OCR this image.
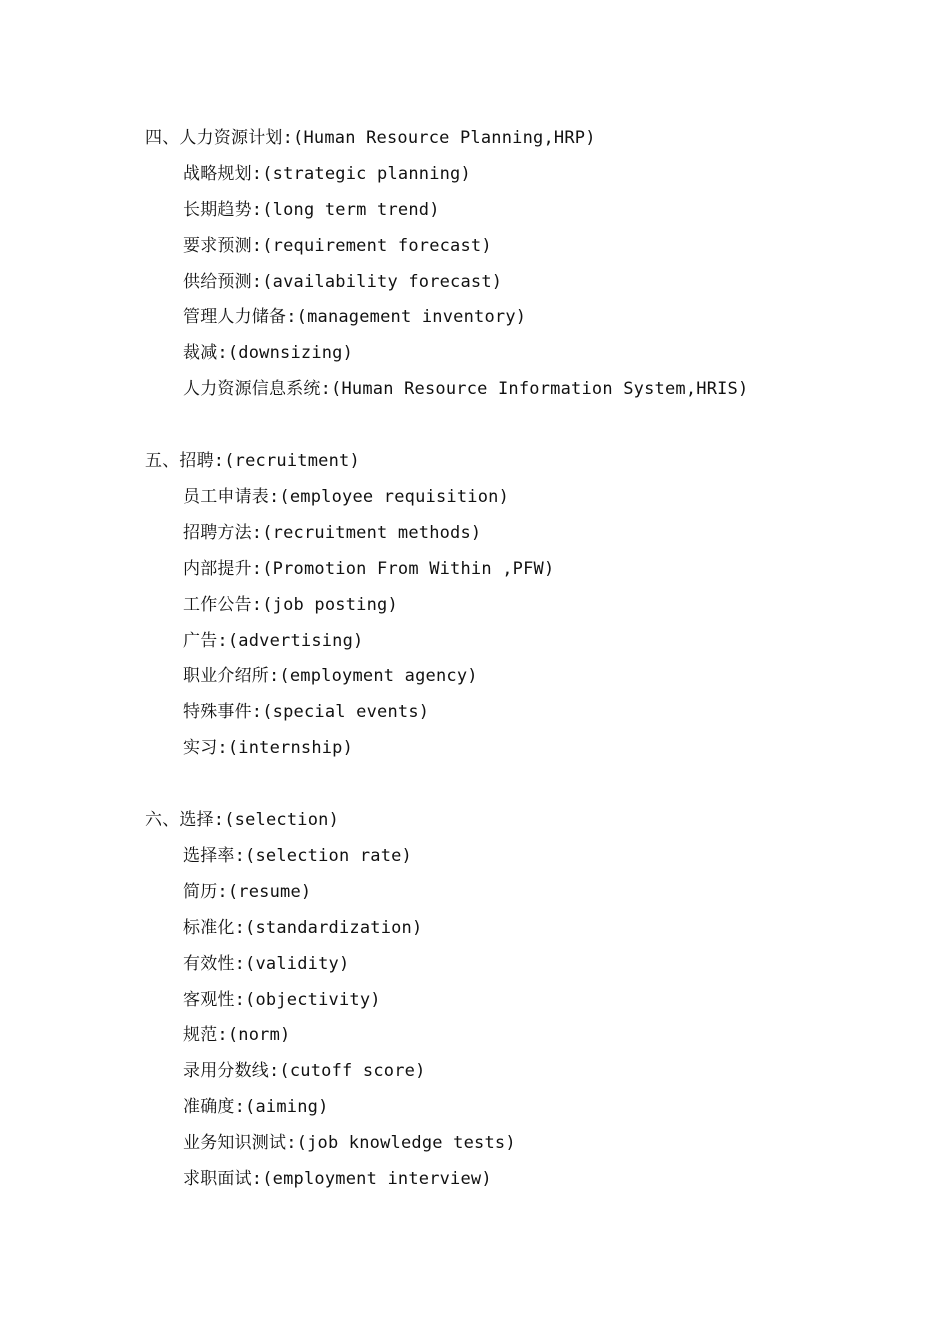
四、人力资源计划:(Human Resource Planning,HRP)
战略规划:(strategic planning)
长期趋势:(long term trend)
要求预测:(requirement forecast)
供给预测:(availability forecast)
管理人力储备:(management inventory)
裁减:(downsizing)
人力资源信息系统:(Human Resource Information System,HRIS)
五、招聘:(recruitment)
员工申请表:(employee requisition)
招聘方法:(recruitment methods)
内部提升:(Promotion From Within ,PFW)
工作公告:(job posting)
广告:(advertising)
职业介绍所:(employment agency)
特殊事件:(special events)
实习:(internship)
六、选择:(selection)
选择率:(selection rate)
简历:(resume)
标准化:(standardization)
有效性:(validity)
客观性:(objectivity)
规范:(norm)
录用分数线:(cutoff score)
准确度:(aiming)
业务知识测试:(job knowledge tests)
求职面试:(employment interview)
